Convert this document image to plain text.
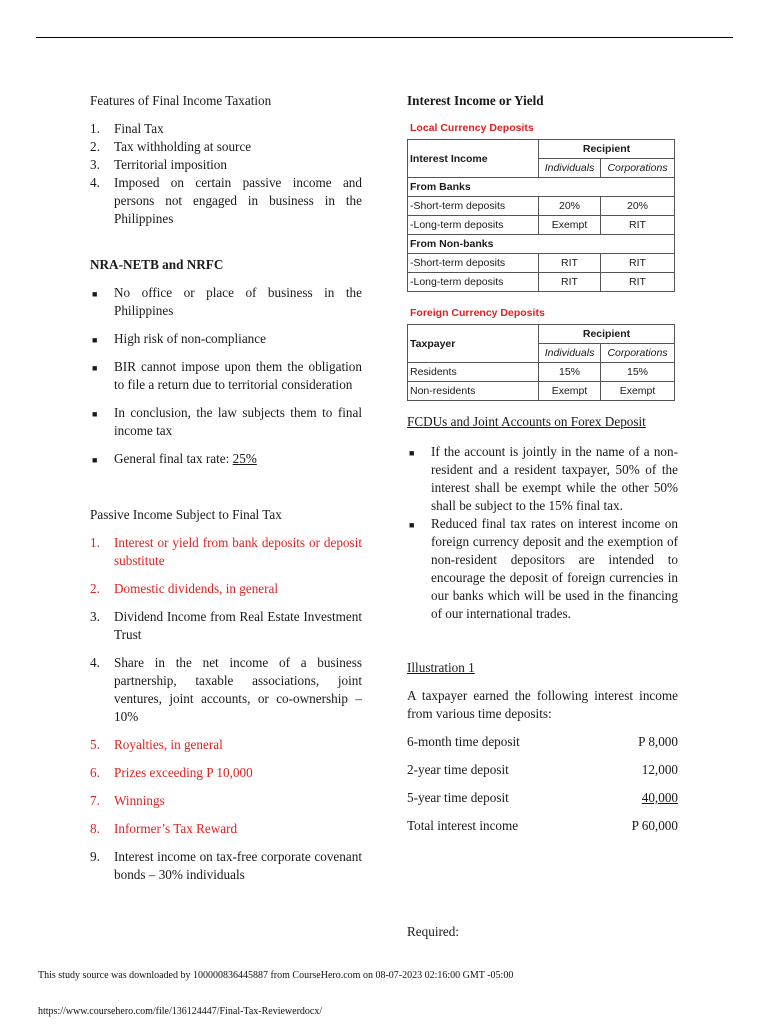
Features of Final Income Taxation

1. Final Tax
2. Tax withholding at source
3. Territorial imposition
4. Imposed on certain passive income and persons not engaged in business in the Philippines

NRA-NETB and NRFC

■ No office or place of business in the Philippines
■ High risk of non-compliance
■ BIR cannot impose upon them the obligation to file a return due to territorial consideration
■ In conclusion, the law subjects them to final income tax
■ General final tax rate: 25%

Passive Income Subject to Final Tax

1. Interest or yield from bank deposits or deposit substitute
2. Domestic dividends, in general
3. Dividend Income from Real Estate Investment Trust
4. Share in the net income of a business partnership, taxable associations, joint ventures, joint accounts, or co-ownership – 10%
5. Royalties, in general
6. Prizes exceeding P 10,000
7. Winnings
8. Informer’s Tax Reward
9. Interest income on tax-free corporate covenant bonds – 30% individuals

Interest Income or Yield

Local Currency Deposits

Interest Income	Recipient	
	Individuals	Corporations
From Banks		
-Short-term deposits	20%	20%
-Long-term deposits	Exempt	RIT
From Non-banks		
-Short-term deposits	RIT	RIT
-Long-term deposits	RIT	RIT

Foreign Currency Deposits

Taxpayer	Recipient	
	Individuals	Corporations
Residents	15%	15%
Non-residents	Exempt	Exempt

FCDUs and Joint Accounts on Forex Deposit

■ If the account is jointly in the name of a non-resident and a resident taxpayer, 50% of the interest shall be exempt while the other 50% shall be subject to the 15% final tax.
■ Reduced final tax rates on interest income on foreign currency deposit and the exemption of non-resident depositors are intended to encourage the deposit of foreign currencies in our banks which will be used in the financing of our international trades.

Illustration 1

A taxpayer earned the following interest income from various time deposits:

6-month time deposit	P 8,000
2-year time deposit	12,000
5-year time deposit	40,000
Total interest income	P 60,000

Required:

This study source was downloaded by 100000836445887 from CourseHero.com on 08-07-2023 02:16:00 GMT -05:00
https://www.coursehero.com/file/136124447/Final-Tax-Reviewerdocx/
